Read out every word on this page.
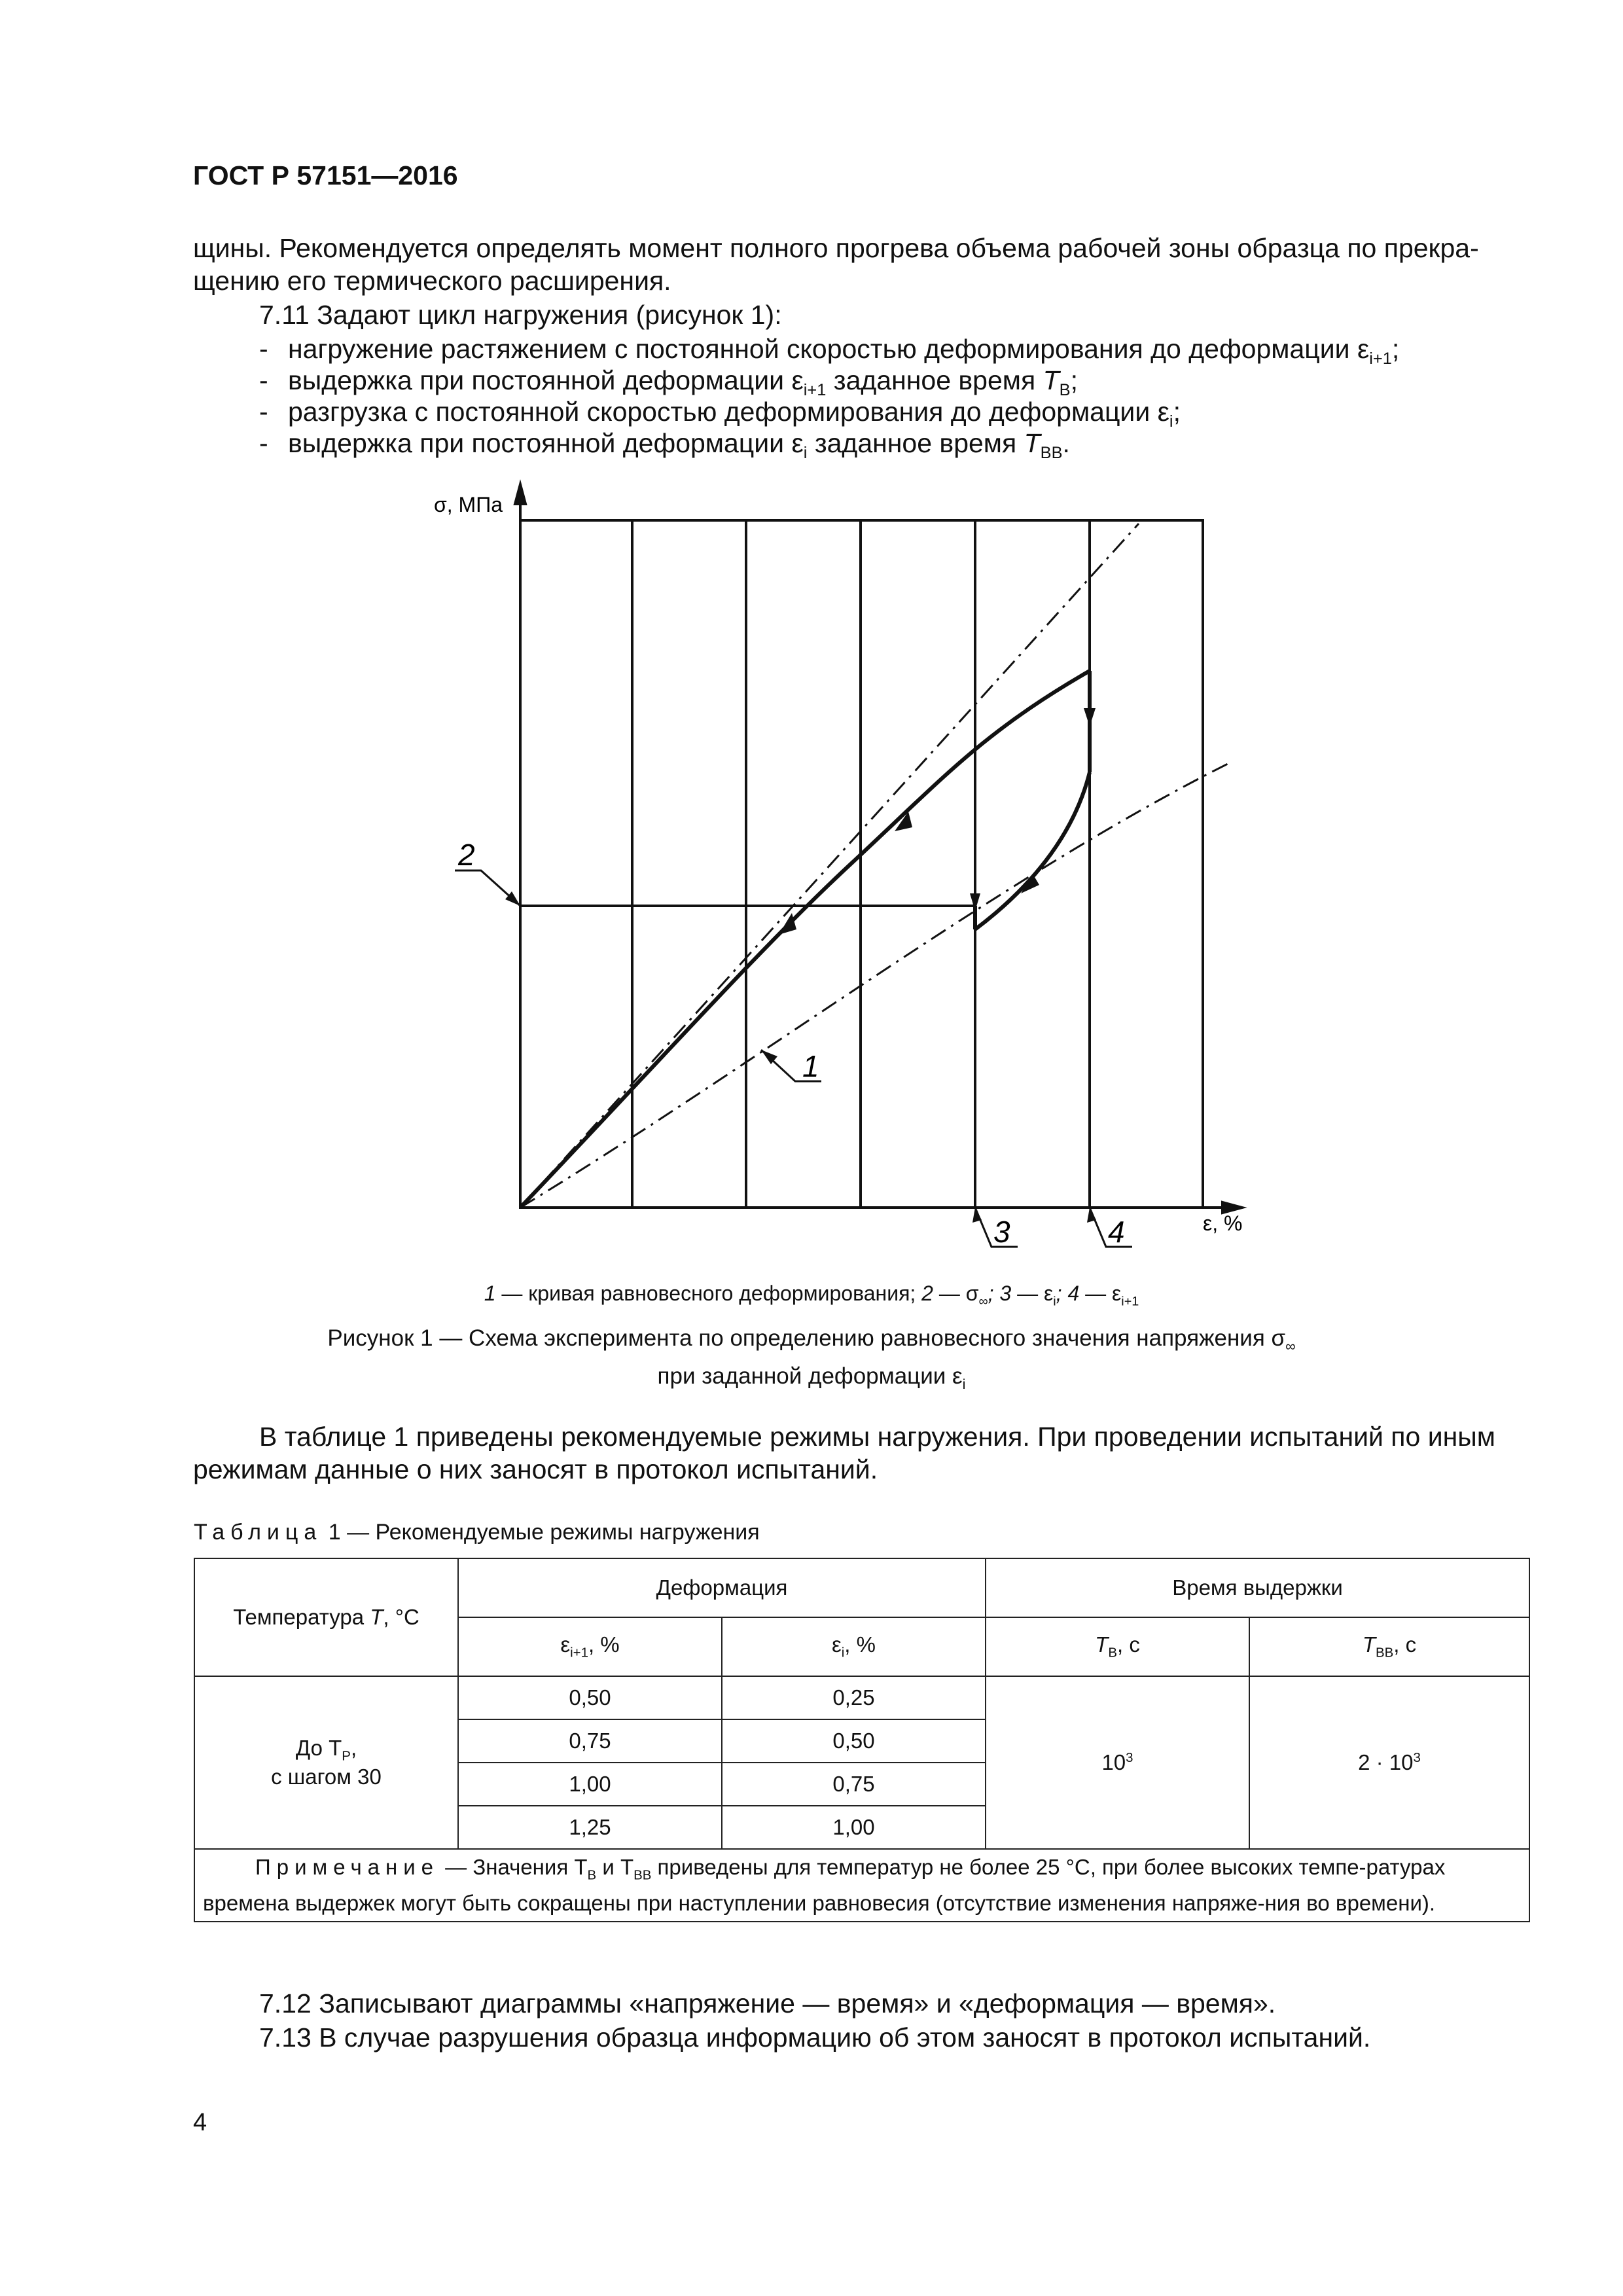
ГОСТ Р 57151—2016
щины. Рекомендуется определять момент полного прогрева объема рабочей зоны образца по прекра-
щению его термического расширения.
7.11 Задают цикл нагружения (рисунок 1):
- нагружение растяжением с постоянной скоростью деформирования до деформации $\varepsilon_{i+1}$;
- выдержка при постоянной деформации $\varepsilon_{i+1}$ заданное время $T_В$;
- разгрузка с постоянной скоростью деформирования до деформации $\varepsilon_i$;
- выдержка при постоянной деформации $\varepsilon_i$ заданное время $T_{ВВ}$.
σ, МПа
ε, %
1
2
3	4
1 — кривая равновесного деформирования; 2 — $\sigma_\infty$; 3 — $\varepsilon_i$; 4 — $\varepsilon_{i+1}$
Рисунок 1 — Схема эксперимента по определению равновесного значения напряжения $\sigma_\infty$
при заданной деформации $\varepsilon_i$
В таблице 1 приведены рекомендуемые режимы нагружения. При проведении испытаний по иным
режимам данные о них заносят в протокол испытаний.
Таблица 1 — Рекомендуемые режимы нагружения
Температура T, °С	Деформация		Время выдержки	
	$\varepsilon_{i+1}$, %	$\varepsilon_i$, %	$T_В$, с	$T_{ВВ}$, с

До $T_Р$,
с шагом 30	0,50	0,25	$10^3$	$2 \cdot 10^3$
	0,75	0,50		
	1,00	0,75		
	1,25	1,00		
Примечание — Значения $T_В$ и $T_{ВВ}$ приведены для температур не более 25 °С, при более высоких темпе-ратурах времена выдержек могут быть сокращены при наступлении равновесия (отсутствие изменения напряже-ния во времени).				
7.12 Записывают диаграммы «напряжение — время» и «деформация — время».
7.13 В случае разрушения образца информацию об этом заносят в протокол испытаний.
4
